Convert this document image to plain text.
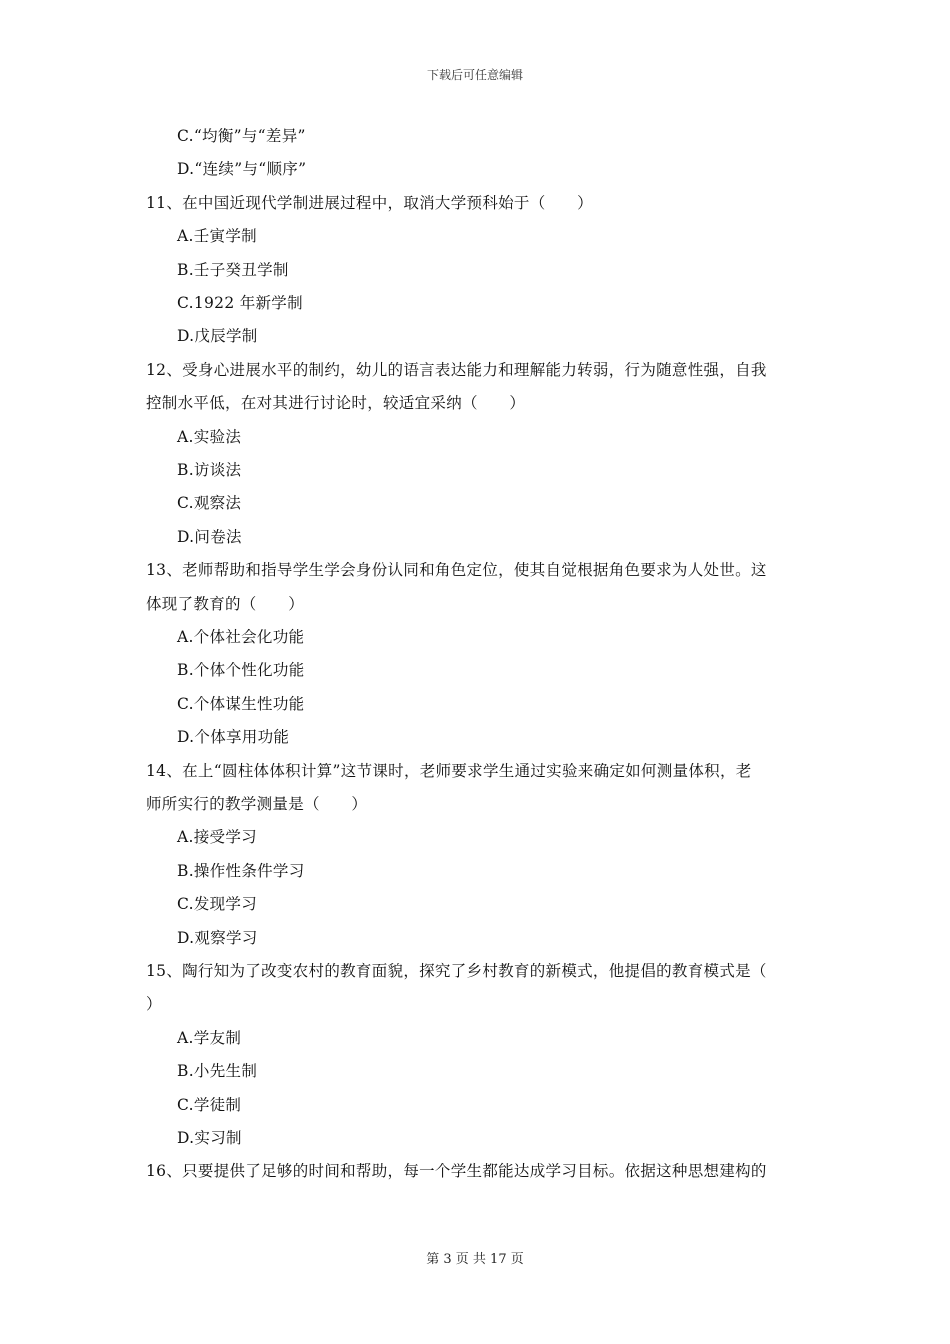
下载后可任意编辑
C.“均衡”与“差异”
D.“连续”与“顺序”
11、在中国近现代学制进展过程中，取消大学预科始于（　　）
A.壬寅学制
B.壬子癸丑学制
C.1922 年新学制
D.戊辰学制
12、受身心进展水平的制约，幼儿的语言表达能力和理解能力转弱，行为随意性强，自我
控制水平低，在对其进行讨论时，较适宜采纳（　　）
A.实验法
B.访谈法
C.观察法
D.问卷法
13、老师帮助和指导学生学会身份认同和角色定位，使其自觉根据角色要求为人处世。这
体现了教育的（　　）
A.个体社会化功能
B.个体个性化功能
C.个体谋生性功能
D.个体享用功能
14、在上“圆柱体体积计算”这节课时，老师要求学生通过实验来确定如何测量体积，老
师所实行的教学测量是（　　）
A.接受学习
B.操作性条件学习
C.发现学习
D.观察学习
15、陶行知为了改变农村的教育面貌，探究了乡村教育的新模式，他提倡的教育模式是（
）
A.学友制
B.小先生制
C.学徒制
D.实习制
16、只要提供了足够的时间和帮助，每一个学生都能达成学习目标。依据这种思想建构的
第 3 页 共 17 页
